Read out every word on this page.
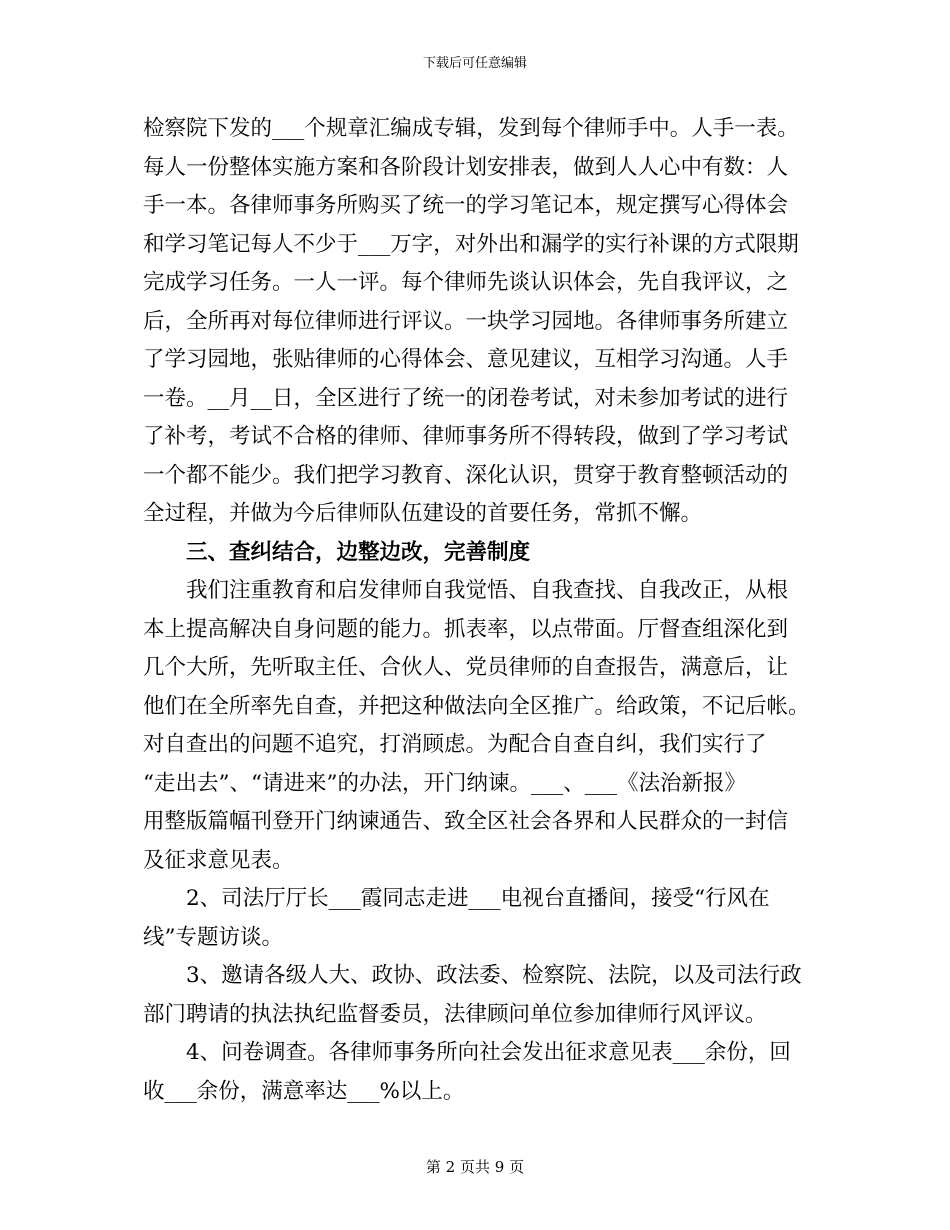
下载后可任意编辑
检察院下发的___个规章汇编成专辑，发到每个律师手中。人手一表。
每人一份整体实施方案和各阶段计划安排表，做到人人心中有数：人
手一本。各律师事务所购买了统一的学习笔记本，规定撰写心得体会
和学习笔记每人不少于___万字，对外出和漏学的实行补课的方式限期
完成学习任务。一人一评。每个律师先谈认识体会，先自我评议，之
后，全所再对每位律师进行评议。一块学习园地。各律师事务所建立
了学习园地，张贴律师的心得体会、意见建议，互相学习沟通。人手
一卷。__月__日，全区进行了统一的闭卷考试，对未参加考试的进行
了补考，考试不合格的律师、律师事务所不得转段，做到了学习考试
一个都不能少。我们把学习教育、深化认识，贯穿于教育整顿活动的
全过程，并做为今后律师队伍建设的首要任务，常抓不懈。
三、查纠结合，边整边改，完善制度
我们注重教育和启发律师自我觉悟、自我查找、自我改正，从根
本上提高解决自身问题的能力。抓表率，以点带面。厅督查组深化到
几个大所，先听取主任、合伙人、党员律师的自查报告，满意后，让
他们在全所率先自查，并把这种做法向全区推广。给政策，不记后帐。
对自查出的问题不追究，打消顾虑。为配合自查自纠，我们实行了
“走出去”、“请进来”的办法，开门纳谏。___、___《法治新报》
用整版篇幅刊登开门纳谏通告、致全区社会各界和人民群众的一封信
及征求意见表。
2、司法厅厅长___霞同志走进___电视台直播间，接受“行风在
线”专题访谈。
3、邀请各级人大、政协、政法委、检察院、法院，以及司法行政
部门聘请的执法执纪监督委员，法律顾问单位参加律师行风评议。
4、问卷调查。各律师事务所向社会发出征求意见表___余份，回
收___余份，满意率达___%以上。
第 2 页共 9 页
